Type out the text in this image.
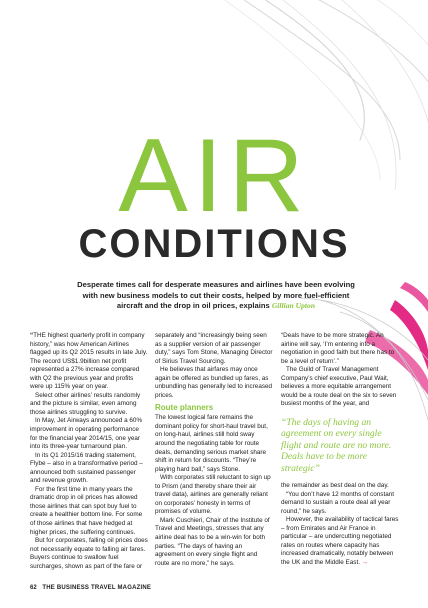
AIR
CONDITIONS
Desperate times call for desperate measures and airlines have been evolving with new business models to cut their costs, helped by more fuel-efficient aircraft and the drop in oil prices, explains Gillian Upton

“THE highest quarterly profit in company history,” was how American Airlines flagged up its Q2 2015 results in late July. The record US$1.9billion net profit represented a 27% increase compared with Q2 the previous year and profits were up 115% year on year.

Select other airlines’ results randomly and the picture is similar, even among those airlines struggling to survive.

In May, Jet Airways announced a 60% improvement in operating performance for the financial year 2014/15, one year into its three-year turnaround plan.

In its Q1 2015/16 trading statement, Flybe – also in a transformative period – announced both sustained passenger and revenue growth.

For the first time in many years the dramatic drop in oil prices has allowed those airlines that can spot buy fuel to create a healthier bottom line. For some of those airlines that have hedged at higher prices, the suffering continues.

But for corporates, falling oil prices does not necessarily equate to falling air fares. Buyers continue to swallow fuel surcharges, shown as part of the fare or

separately and “increasingly being seen as a supplier version of air passenger duty,” says Tom Stone, Managing Director of Sirius Travel Sourcing.

He believes that airfares may once again be offered as bundled up fares, as unbundling has generally led to increased prices.

Route planners

The lowest logical fare remains the dominant policy for short-haul travel but, on long-haul, airlines still hold sway around the negotiating table for route deals, demanding serious market share shift in return for discounts. “They’re playing hard ball,” says Stone.

With corporates still reluctant to sign up to Prism (and thereby share their air travel data), airlines are generally reliant on corporates’ honesty in terms of promises of volume.

Mark Cuschieri, Chair of the Institute of Travel and Meetings, stresses that any airline deal has to be a win-win for both parties. “The days of having an agreement on every single flight and route are no more,” he says.

“Deals have to be more strategic. An airline will say, ‘I’m entering into a negotiation in good faith but there has to be a level of return’.”

The Guild of Travel Management Company’s chief executive, Paul Wait, believes a more equitable arrangement would be a route deal on the six to seven busiest months of the year, and

“The days of having an agreement on every single flight and route are no more. Deals have to be more strategic”

the remainder as best deal on the day.

“You don’t have 12 months of constant demand to sustain a route deal all year round,” he says.

However, the availability of tactical fares – from Emirates and Air France in particular – are undercutting negotiated rates on routes where capacity has increased dramatically, notably between the UK and the Middle East. →

62 THE BUSINESS TRAVEL MAGAZINE
